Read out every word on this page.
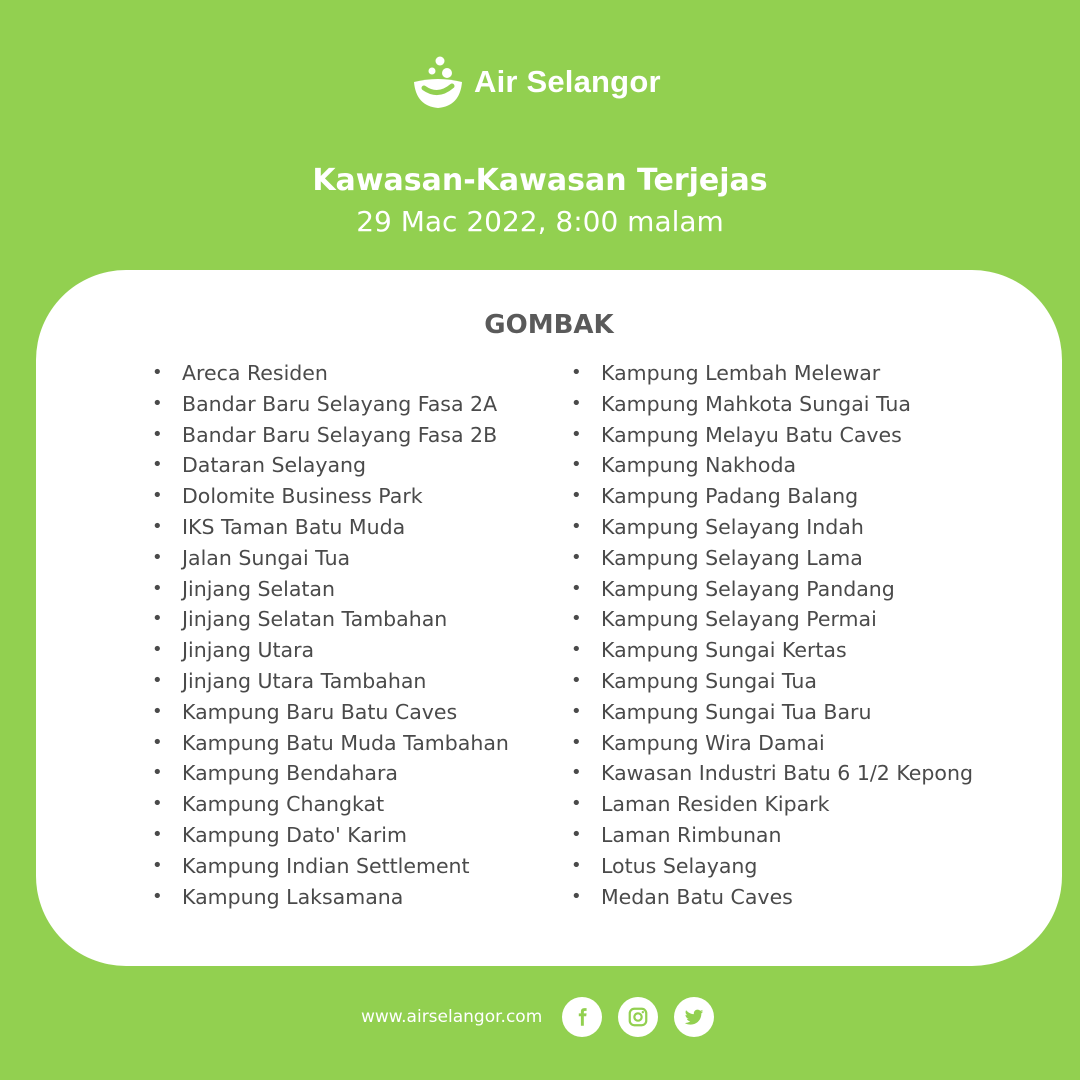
Air Selangor
Kawasan-Kawasan Terjejas
29 Mac 2022, 8:00 malam
GOMBAK
• Areca Residen
• Bandar Baru Selayang Fasa 2A
• Bandar Baru Selayang Fasa 2B
• Dataran Selayang
• Dolomite Business Park
• IKS Taman Batu Muda
• Jalan Sungai Tua
• Jinjang Selatan
• Jinjang Selatan Tambahan
• Jinjang Utara
• Jinjang Utara Tambahan
• Kampung Baru Batu Caves
• Kampung Batu Muda Tambahan
• Kampung Bendahara
• Kampung Changkat
• Kampung Dato' Karim
• Kampung Indian Settlement
• Kampung Laksamana
• Kampung Lembah Melewar
• Kampung Mahkota Sungai Tua
• Kampung Melayu Batu Caves
• Kampung Nakhoda
• Kampung Padang Balang
• Kampung Selayang Indah
• Kampung Selayang Lama
• Kampung Selayang Pandang
• Kampung Selayang Permai
• Kampung Sungai Kertas
• Kampung Sungai Tua
• Kampung Sungai Tua Baru
• Kampung Wira Damai
• Kawasan Industri Batu 6 1/2 Kepong
• Laman Residen Kipark
• Laman Rimbunan
• Lotus Selayang
• Medan Batu Caves
www.airselangor.com
